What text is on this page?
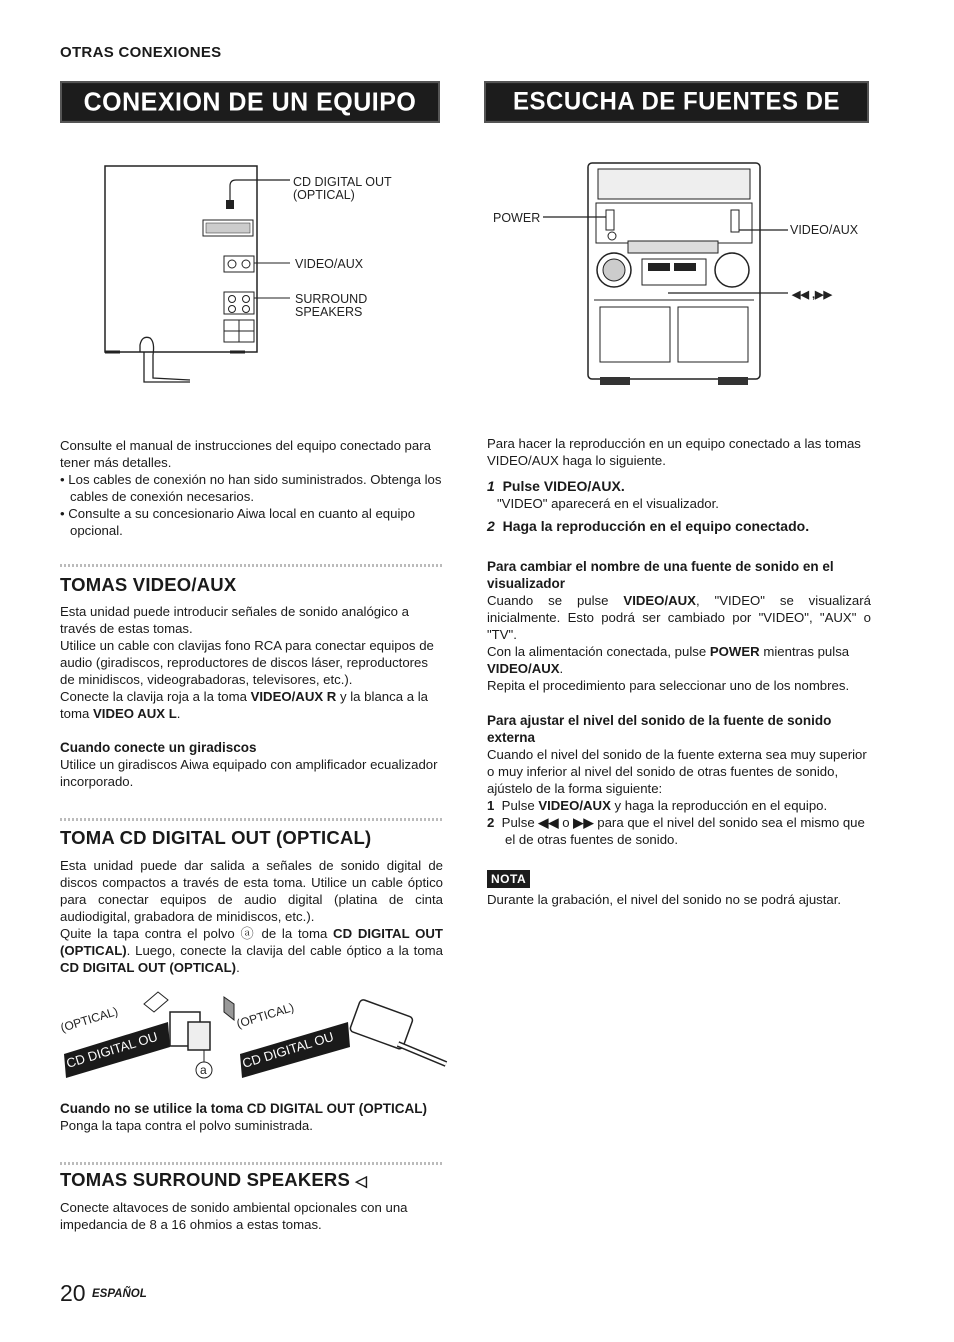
OTRAS CONEXIONES
CONEXION DE UN EQUIPO OPCIONAL
ESCUCHA DE FUENTES DE SONIDO EXTERNAS
CD DIGITAL OUT
(OPTICAL)
VIDEO/AUX
SURROUND
SPEAKERS
POWER
VIDEO/AUX
◀◀ ,▶▶

Consulte el manual de instrucciones del equipo conectado para tener más detalles.

• Los cables de conexión no han sido suministrados. Obtenga los cables de conexión necesarios.

• Consulte a su concesionario Aiwa local en cuanto al equipo opcional.

TOMAS VIDEO/AUX

Esta unidad puede introducir señales de sonido analógico a través de estas tomas.

Utilice un cable con clavijas fono RCA para conectar equipos de audio (giradiscos, reproductores de discos láser, reproductores de minidiscos, videograbadoras, televisores, etc.).

Conecte la clavija roja a la toma VIDEO/AUX R y la blanca a la toma VIDEO AUX L.

Cuando conecte un giradiscos

Utilice un giradiscos Aiwa equipado con amplificador ecualizador incorporado.

TOMA CD DIGITAL OUT (OPTICAL)

Esta unidad puede dar salida a señales de sonido digital de discos compactos a través de esta toma. Utilice un cable óptico para conectar equipos de audio digital (platina de cinta audiodigital, grabadora de minidiscos, etc.).

Quite la tapa contra el polvo ⓐ de la toma CD DIGITAL OUT (OPTICAL). Luego, conecte la clavija del cable óptico a la toma CD DIGITAL OUT (OPTICAL).

CD DIGITAL OU
(OPTICAL)
a	CD DIGITAL OU
(OPTICAL)

Cuando no se utilice la toma CD DIGITAL OUT (OPTICAL)

Ponga la tapa contra el polvo suministrada.

TOMAS SURROUND SPEAKERS ◁

Conecte altavoces de sonido ambiental opcionales con una impedancia de 8 a 16 ohmios a estas tomas.

Para hacer la reproducción en un equipo conectado a las tomas VIDEO/AUX haga lo siguiente.

1 Pulse VIDEO/AUX.

"VIDEO" aparecerá en el visualizador.

2 Haga la reproducción en el equipo conectado.

Para cambiar el nombre de una fuente de sonido en el visualizador

Cuando se pulse VIDEO/AUX, "VIDEO" se visualizará inicialmente. Esto podrá ser cambiado por "VIDEO", "AUX" o "TV".

Con la alimentación conectada, pulse POWER mientras pulsa VIDEO/AUX.

Repita el procedimiento para seleccionar uno de los nombres.

Para ajustar el nivel del sonido de la fuente de sonido externa

Cuando el nivel del sonido de la fuente externa sea muy superior o muy inferior al nivel del sonido de otras fuentes de sonido, ajústelo de la forma siguiente:

1 Pulse VIDEO/AUX y haga la reproducción en el equipo.

2 Pulse ◀◀ o ▶▶ para que el nivel del sonido sea el mismo que el de otras fuentes de sonido.

NOTA

Durante la grabación, el nivel del sonido no se podrá ajustar.

20 ESPAÑOL
